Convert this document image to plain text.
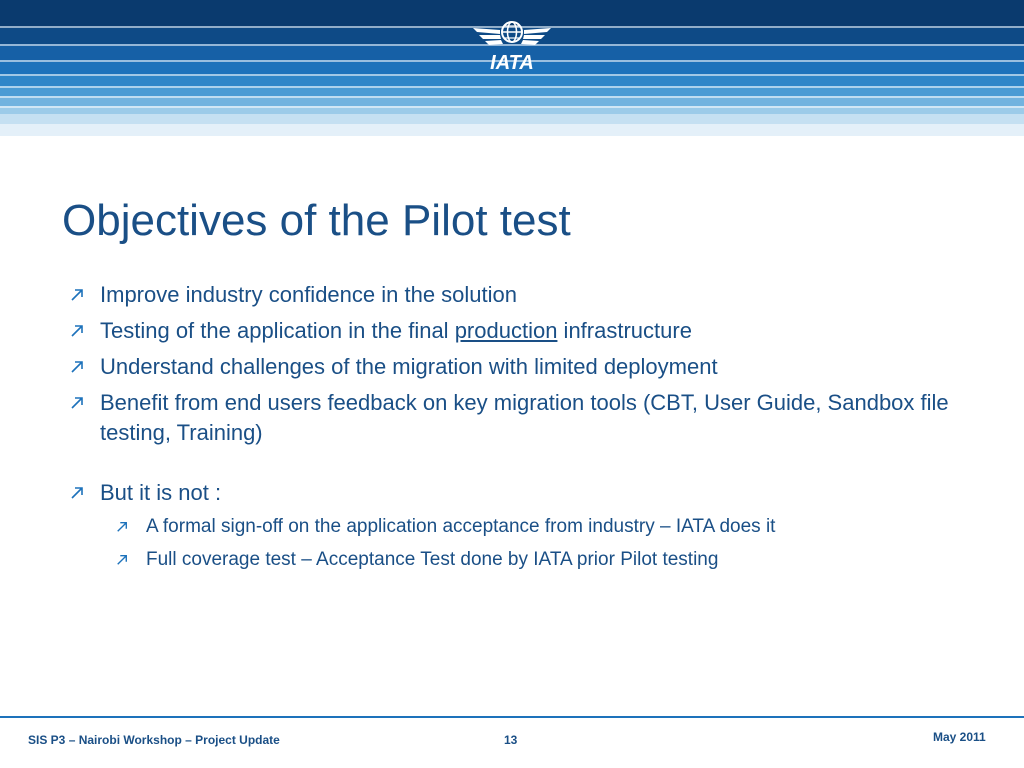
IATA
Objectives of the Pilot test
Improve industry confidence in the solution
Testing of the application in the final production infrastructure
Understand challenges of the migration with limited deployment
Benefit from end users feedback on key migration tools (CBT, User Guide, Sandbox file testing, Training)
But it is not :
A formal sign-off on the application acceptance from industry – IATA does it
Full coverage test – Acceptance Test done by IATA prior Pilot testing
SIS P3 – Nairobi Workshop – Project Update	13	May 2011
